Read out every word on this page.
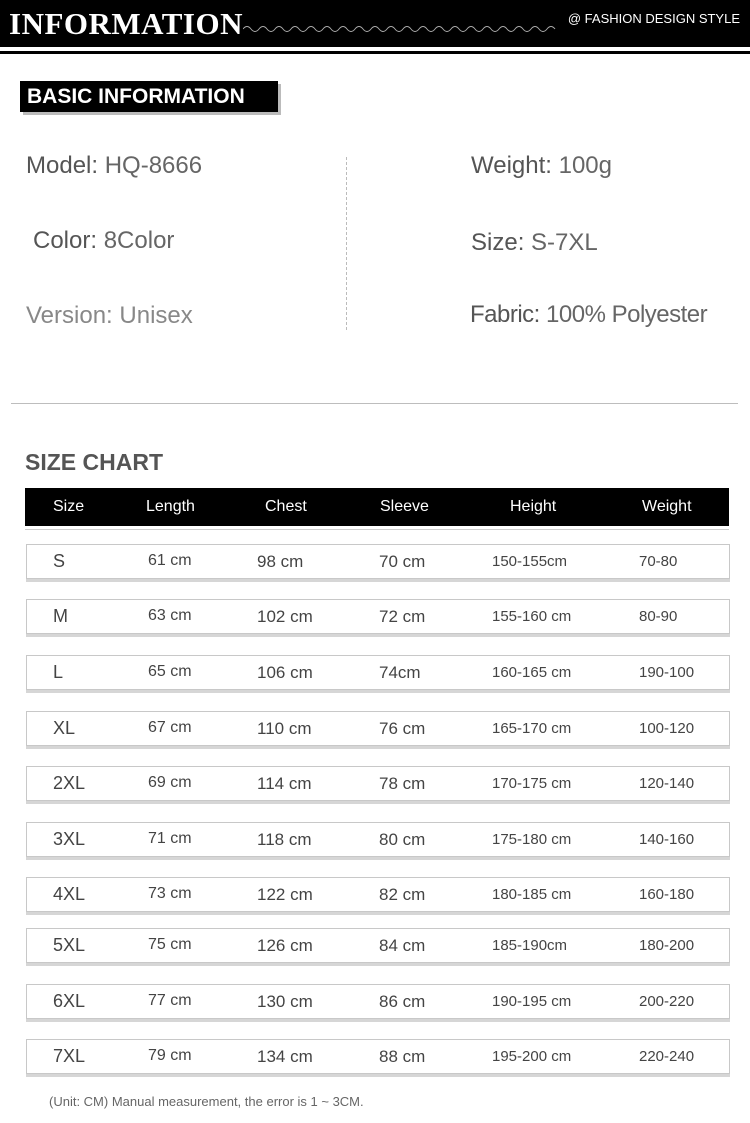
INFORMATION	@ FASHION DESIGN STYLE
BASIC INFORMATION
Model: HQ-8666
Color: 8Color
Version: Unisex
Weight: 100g
Size: S-7XL
Fabric: 100% Polyester
SIZE CHART
Size	Length	Chest	Sleeve	Height	Weight
S	61 cm	98 cm	70 cm	150-155cm	70-80
M	63 cm	102 cm	72 cm	155-160 cm	80-90
L	65 cm	106 cm	74cm	160-165 cm	190-100
XL	67 cm	110 cm	76 cm	165-170 cm	100-120
2XL	69 cm	114 cm	78 cm	170-175 cm	120-140
3XL	71 cm	118 cm	80 cm	175-180 cm	140-160
4XL	73 cm	122 cm	82 cm	180-185 cm	160-180
5XL	75 cm	126 cm	84 cm	185-190cm	180-200
6XL	77 cm	130 cm	86 cm	190-195 cm	200-220
7XL	79 cm	134 cm	88 cm	195-200 cm	220-240
(Unit: CM) Manual measurement, the error is 1 ~ 3CM.
